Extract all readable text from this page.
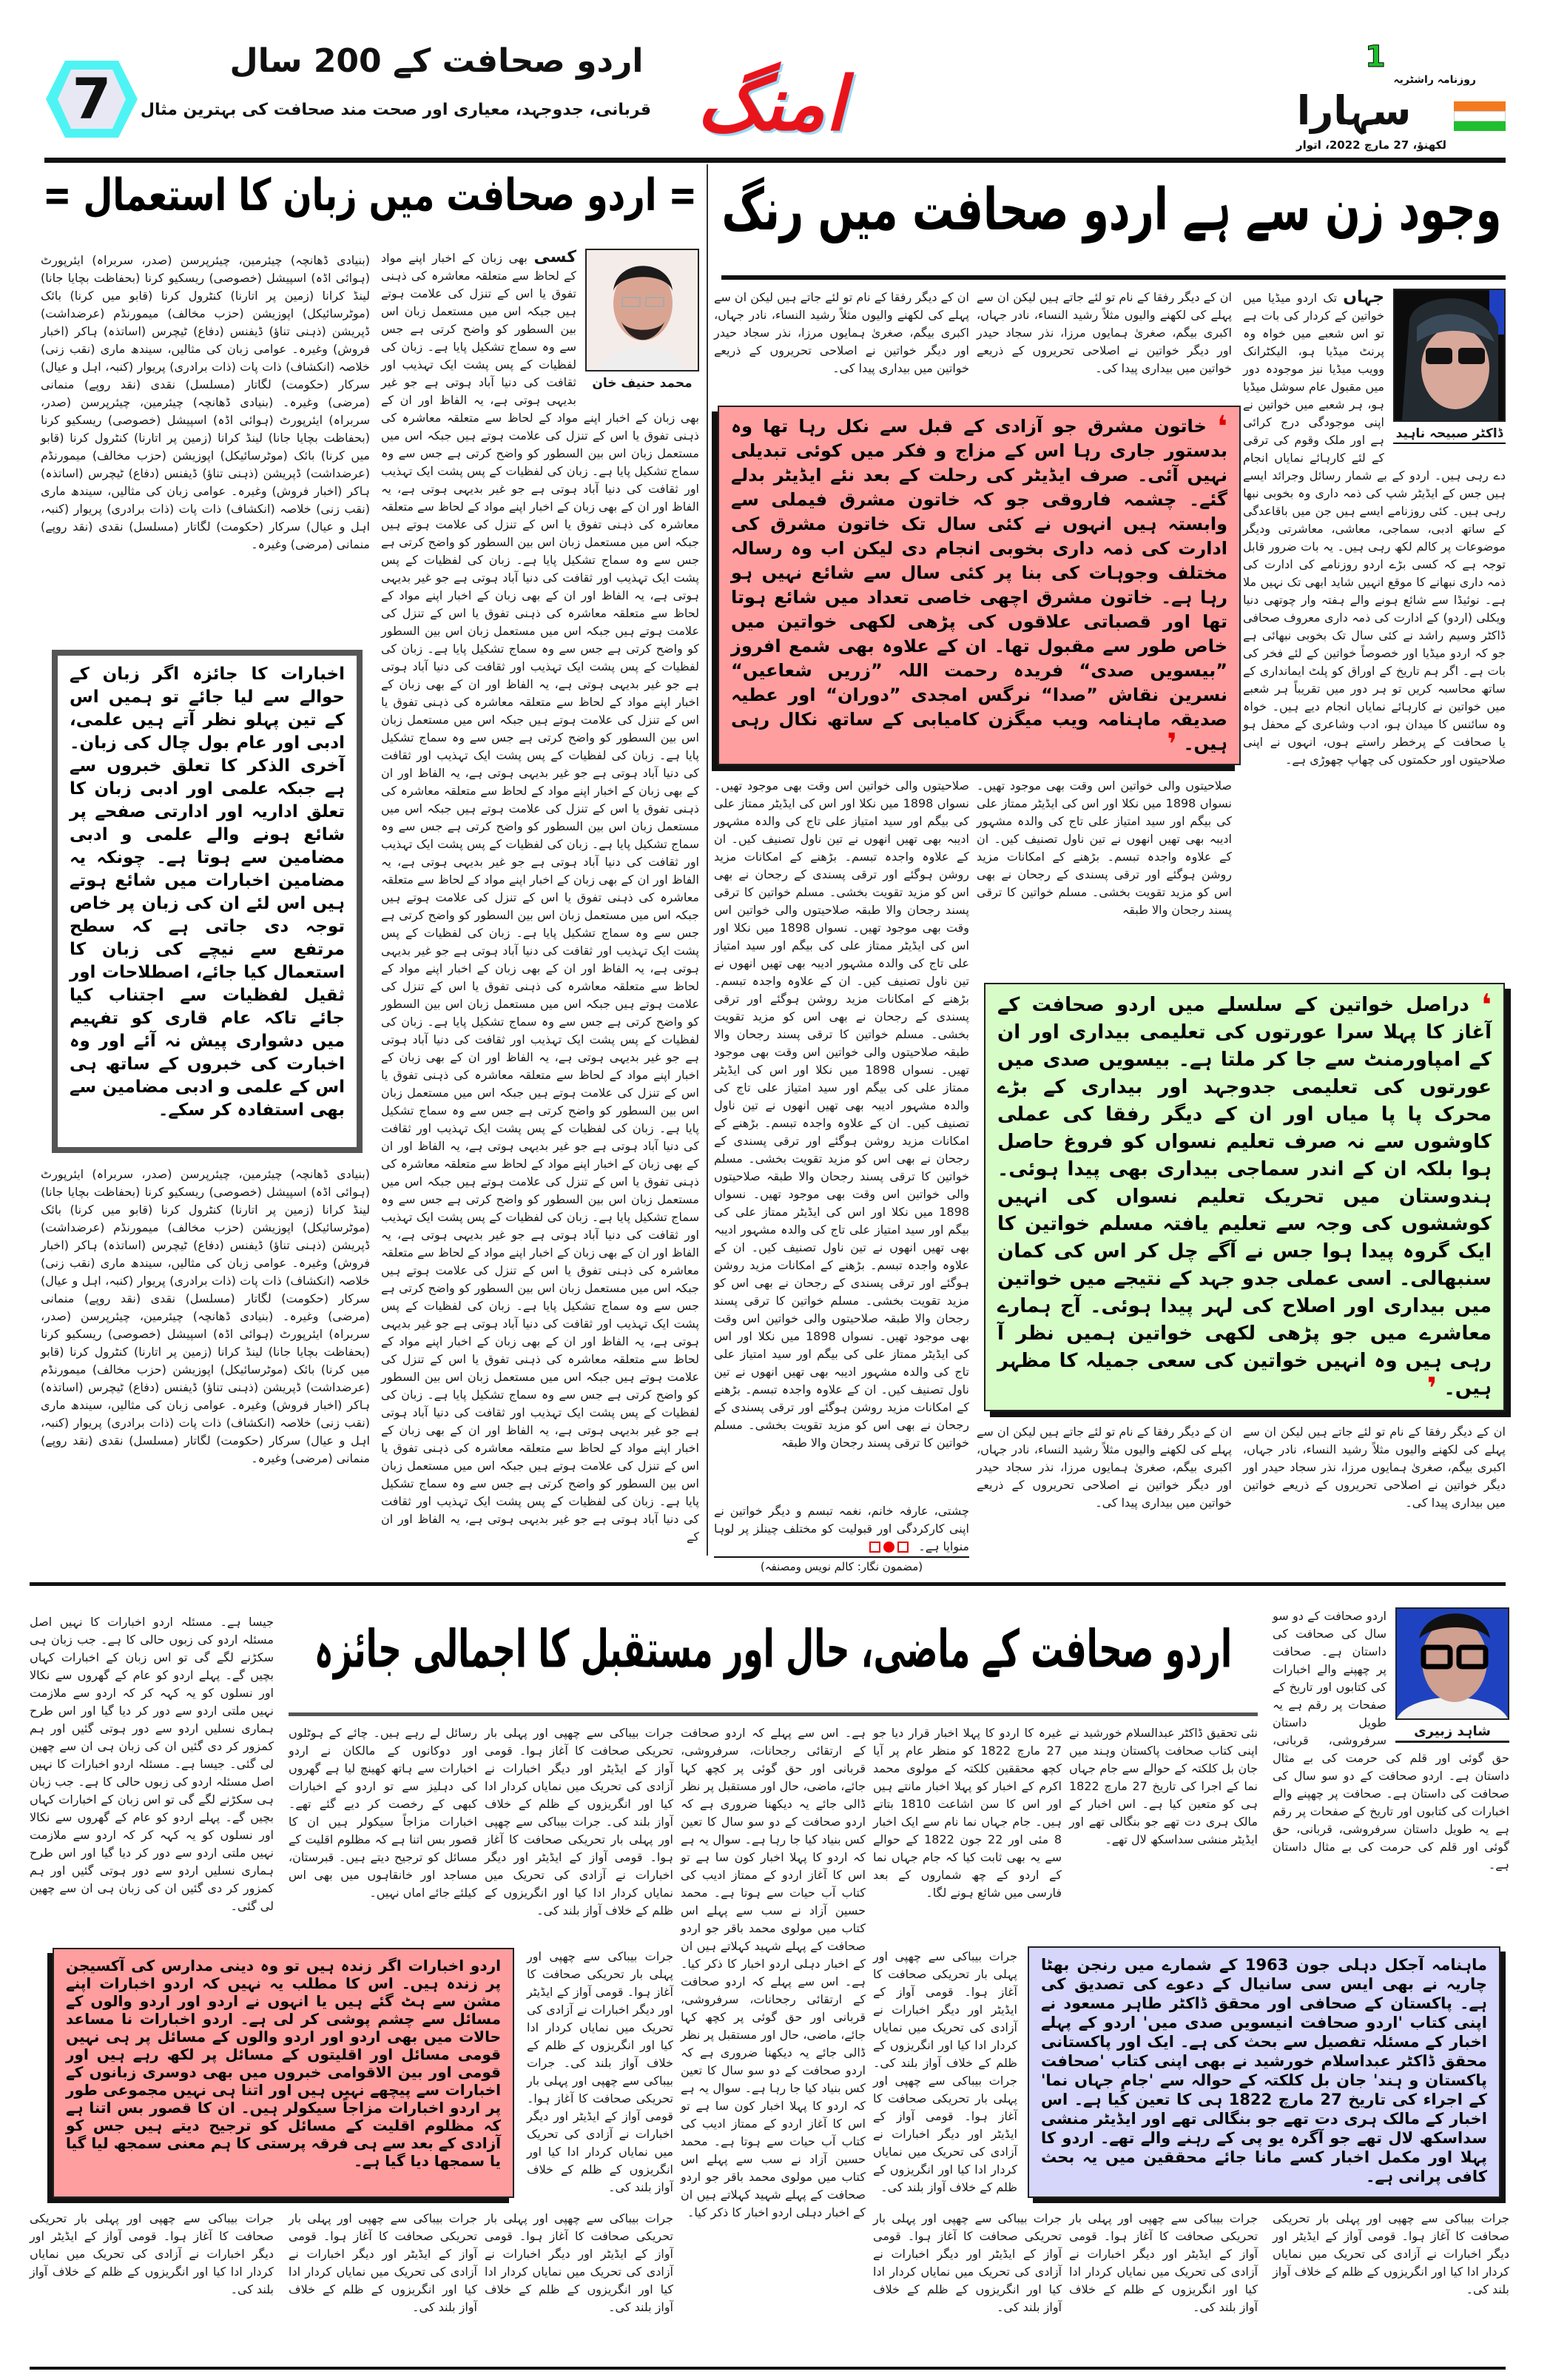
7
اردو صحافت کے 200 سال
قربانی، جدوجہد، معیاری اور صحت مند صحافت کی بہترین مثال امنگ
1
روزنامہ راشٹریہ
سہارا
لکھنؤ، 27 مارچ 2022، اتوار
= اردو صحافت میں زبان کا استعمال =
(بنیادی ڈھانچہ) چیئرمین، چیئرپرسن (صدر، سربراہ) ایئرپورٹ (ہوائی اڈہ) اسپیشل (خصوصی) ریسکیو کرنا (بحفاظت بچایا جانا) لینڈ کرانا (زمین پر اتارنا) کنٹرول کرنا (قابو میں کرنا) بائک (موٹرسائیکل) اپوزیشن (حزب مخالف) میمورنڈم (عرضداشت) ڈپریشن (ذہنی تناؤ) ڈیفنس (دفاع) ٹیچرس (اساتذہ) ہاکر (اخبار فروش) وغیرہ۔ عوامی زبان کی مثالیں، سیندھ ماری (نقب زنی) خلاصہ (انکشاف) ذات پات (ذات برادری) پریوار (کنبہ، اہل و عیال) سرکار (حکومت) لگاتار (مسلسل) نقدی (نقد روپے) منمانی (مرضی) وغیرہ۔ (بنیادی ڈھانچہ) چیئرمین، چیئرپرسن (صدر، سربراہ) ایئرپورٹ (ہوائی اڈہ) اسپیشل (خصوصی) ریسکیو کرنا (بحفاظت بچایا جانا) لینڈ کرانا (زمین پر اتارنا) کنٹرول کرنا (قابو میں کرنا) بائک (موٹرسائیکل) اپوزیشن (حزب مخالف) میمورنڈم (عرضداشت) ڈپریشن (ذہنی تناؤ) ڈیفنس (دفاع) ٹیچرس (اساتذہ) ہاکر (اخبار فروش) وغیرہ۔ عوامی زبان کی مثالیں، سیندھ ماری (نقب زنی) خلاصہ (انکشاف) ذات پات (ذات برادری) پریوار (کنبہ، اہل و عیال) سرکار (حکومت) لگاتار (مسلسل) نقدی (نقد روپے) منمانی (مرضی) وغیرہ۔
اخبارات کا جائزہ اگر زبان کے حوالے سے لیا جائے تو ہمیں اس کے تین پہلو نظر آتے ہیں علمی، ادبی اور عام بول چال کی زبان۔ آخری الذکر کا تعلق خبروں سے ہے جبکہ علمی اور ادبی زبان کا تعلق اداریہ اور ادارتی صفحے پر شائع ہونے والے علمی و ادبی مضامین سے ہوتا ہے۔ چونکہ یہ مضامین اخبارات میں شائع ہوتے ہیں اس لئے ان کی زبان پر خاص توجہ دی جاتی ہے کہ سطح مرتفع سے نیچے کی زبان کا استعمال کیا جائے، اصطلاحات اور ثقیل لفظیات سے اجتناب کیا جائے تاکہ عام قاری کو تفہیم میں دشواری پیش نہ آئے اور وہ اخبارت کی خبروں کے ساتھ ہی اس کے علمی و ادبی مضامین سے بھی استفادہ کر سکے۔
(بنیادی ڈھانچہ) چیئرمین، چیئرپرسن (صدر، سربراہ) ایئرپورٹ (ہوائی اڈہ) اسپیشل (خصوصی) ریسکیو کرنا (بحفاظت بچایا جانا) لینڈ کرانا (زمین پر اتارنا) کنٹرول کرنا (قابو میں کرنا) بائک (موٹرسائیکل) اپوزیشن (حزب مخالف) میمورنڈم (عرضداشت) ڈپریشن (ذہنی تناؤ) ڈیفنس (دفاع) ٹیچرس (اساتذہ) ہاکر (اخبار فروش) وغیرہ۔ عوامی زبان کی مثالیں، سیندھ ماری (نقب زنی) خلاصہ (انکشاف) ذات پات (ذات برادری) پریوار (کنبہ، اہل و عیال) سرکار (حکومت) لگاتار (مسلسل) نقدی (نقد روپے) منمانی (مرضی) وغیرہ۔ (بنیادی ڈھانچہ) چیئرمین، چیئرپرسن (صدر، سربراہ) ایئرپورٹ (ہوائی اڈہ) اسپیشل (خصوصی) ریسکیو کرنا (بحفاظت بچایا جانا) لینڈ کرانا (زمین پر اتارنا) کنٹرول کرنا (قابو میں کرنا) بائک (موٹرسائیکل) اپوزیشن (حزب مخالف) میمورنڈم (عرضداشت) ڈپریشن (ذہنی تناؤ) ڈیفنس (دفاع) ٹیچرس (اساتذہ) ہاکر (اخبار فروش) وغیرہ۔ عوامی زبان کی مثالیں، سیندھ ماری (نقب زنی) خلاصہ (انکشاف) ذات پات (ذات برادری) پریوار (کنبہ، اہل و عیال) سرکار (حکومت) لگاتار (مسلسل) نقدی (نقد روپے) منمانی (مرضی) وغیرہ۔
محمد حنیف خان
کسی بھی زبان کے اخبار اپنے مواد کے لحاظ سے متعلقہ معاشرہ کی ذہنی تفوق یا اس کے تنزل کی علامت ہوتے ہیں جبکہ اس میں مستعمل زبان اس بین السطور کو واضح کرتی ہے جس سے وہ سماج تشکیل پایا ہے۔ زبان کی لفظیات کے پس پشت ایک تہذیب اور ثقافت کی دنیا آباد ہوتی ہے جو غیر بدیہی ہوتی ہے، یہ الفاظ اور ان کے بھی زبان کے اخبار اپنے مواد کے لحاظ سے متعلقہ معاشرہ کی ذہنی تفوق یا اس کے تنزل کی علامت ہوتے ہیں جبکہ اس میں مستعمل زبان اس بین السطور کو واضح کرتی ہے جس سے وہ سماج تشکیل پایا ہے۔ زبان کی لفظیات کے پس پشت ایک تہذیب اور ثقافت کی دنیا آباد ہوتی ہے جو غیر بدیہی ہوتی ہے، یہ الفاظ اور ان کے بھی زبان کے اخبار اپنے مواد کے لحاظ سے متعلقہ معاشرہ کی ذہنی تفوق یا اس کے تنزل کی علامت ہوتے ہیں جبکہ اس میں مستعمل زبان اس بین السطور کو واضح کرتی ہے جس سے وہ سماج تشکیل پایا ہے۔ زبان کی لفظیات کے پس پشت ایک تہذیب اور ثقافت کی دنیا آباد ہوتی ہے جو غیر بدیہی ہوتی ہے، یہ الفاظ اور ان کے بھی زبان کے اخبار اپنے مواد کے لحاظ سے متعلقہ معاشرہ کی ذہنی تفوق یا اس کے تنزل کی علامت ہوتے ہیں جبکہ اس میں مستعمل زبان اس بین السطور کو واضح کرتی ہے جس سے وہ سماج تشکیل پایا ہے۔ زبان کی لفظیات کے پس پشت ایک تہذیب اور ثقافت کی دنیا آباد ہوتی ہے جو غیر بدیہی ہوتی ہے، یہ الفاظ اور ان کے بھی زبان کے اخبار اپنے مواد کے لحاظ سے متعلقہ معاشرہ کی ذہنی تفوق یا اس کے تنزل کی علامت ہوتے ہیں جبکہ اس میں مستعمل زبان اس بین السطور کو واضح کرتی ہے جس سے وہ سماج تشکیل پایا ہے۔ زبان کی لفظیات کے پس پشت ایک تہذیب اور ثقافت کی دنیا آباد ہوتی ہے جو غیر بدیہی ہوتی ہے، یہ الفاظ اور ان کے بھی زبان کے اخبار اپنے مواد کے لحاظ سے متعلقہ معاشرہ کی ذہنی تفوق یا اس کے تنزل کی علامت ہوتے ہیں جبکہ اس میں مستعمل زبان اس بین السطور کو واضح کرتی ہے جس سے وہ سماج تشکیل پایا ہے۔ زبان کی لفظیات کے پس پشت ایک تہذیب اور ثقافت کی دنیا آباد ہوتی ہے جو غیر بدیہی ہوتی ہے، یہ الفاظ اور ان کے بھی زبان کے اخبار اپنے مواد کے لحاظ سے متعلقہ معاشرہ کی ذہنی تفوق یا اس کے تنزل کی علامت ہوتے ہیں جبکہ اس میں مستعمل زبان اس بین السطور کو واضح کرتی ہے جس سے وہ سماج تشکیل پایا ہے۔ زبان کی لفظیات کے پس پشت ایک تہذیب اور ثقافت کی دنیا آباد ہوتی ہے جو غیر بدیہی ہوتی ہے، یہ الفاظ اور ان کے بھی زبان کے اخبار اپنے مواد کے لحاظ سے متعلقہ معاشرہ کی ذہنی تفوق یا اس کے تنزل کی علامت ہوتے ہیں جبکہ اس میں مستعمل زبان اس بین السطور کو واضح کرتی ہے جس سے وہ سماج تشکیل پایا ہے۔ زبان کی لفظیات کے پس پشت ایک تہذیب اور ثقافت کی دنیا آباد ہوتی ہے جو غیر بدیہی ہوتی ہے، یہ الفاظ اور ان کے بھی زبان کے اخبار اپنے مواد کے لحاظ سے متعلقہ معاشرہ کی ذہنی تفوق یا اس کے تنزل کی علامت ہوتے ہیں جبکہ اس میں مستعمل زبان اس بین السطور کو واضح کرتی ہے جس سے وہ سماج تشکیل پایا ہے۔ زبان کی لفظیات کے پس پشت ایک تہذیب اور ثقافت کی دنیا آباد ہوتی ہے جو غیر بدیہی ہوتی ہے، یہ الفاظ اور ان کے بھی زبان کے اخبار اپنے مواد کے لحاظ سے متعلقہ معاشرہ کی ذہنی تفوق یا اس کے تنزل کی علامت ہوتے ہیں جبکہ اس میں مستعمل زبان اس بین السطور کو واضح کرتی ہے جس سے وہ سماج تشکیل پایا ہے۔ زبان کی لفظیات کے پس پشت ایک تہذیب اور ثقافت کی دنیا آباد ہوتی ہے جو غیر بدیہی ہوتی ہے، یہ الفاظ اور ان کے بھی زبان کے اخبار اپنے مواد کے لحاظ سے متعلقہ معاشرہ کی ذہنی تفوق یا اس کے تنزل کی علامت ہوتے ہیں جبکہ اس میں مستعمل زبان اس بین السطور کو واضح کرتی ہے جس سے وہ سماج تشکیل پایا ہے۔ زبان کی لفظیات کے پس پشت ایک تہذیب اور ثقافت کی دنیا آباد ہوتی ہے جو غیر بدیہی ہوتی ہے، یہ الفاظ اور ان کے بھی زبان کے اخبار اپنے مواد کے لحاظ سے متعلقہ معاشرہ کی ذہنی تفوق یا اس کے تنزل کی علامت ہوتے ہیں جبکہ اس میں مستعمل زبان اس بین السطور کو واضح کرتی ہے جس سے وہ سماج تشکیل پایا ہے۔ زبان کی لفظیات کے پس پشت ایک تہذیب اور ثقافت کی دنیا آباد ہوتی ہے جو غیر بدیہی ہوتی ہے، یہ الفاظ اور ان کے بھی زبان کے اخبار اپنے مواد کے لحاظ سے متعلقہ معاشرہ کی ذہنی تفوق یا اس کے تنزل کی علامت ہوتے ہیں جبکہ اس میں مستعمل زبان اس بین السطور کو واضح کرتی ہے جس سے وہ سماج تشکیل پایا ہے۔ زبان کی لفظیات کے پس پشت ایک تہذیب اور ثقافت کی دنیا آباد ہوتی ہے جو غیر بدیہی ہوتی ہے، یہ الفاظ اور ان کے
وجود زن سے ہے اردو صحافت میں رنگ
ڈاکٹر صبیحہ ناہید
جہاں تک اردو میڈیا میں خواتین کے کردار کی بات ہے تو اس شعبے میں خواہ وہ پرنٹ میڈیا ہو، الیکٹرانک وویب میڈیا نیز موجودہ دور میں مقبول عام سوشل میڈیا ہو، ہر شعبے میں خواتین نے اپنی موجودگی درج کرائی ہے اور ملک وقوم کی ترقی کے لئے کارہائے نمایاں انجام دے رہی ہیں۔ اردو کے بے شمار رسائل وجرائد ایسے ہیں جس کے ایڈیٹر شپ کی ذمہ داری وہ بخوبی نبھا رہی ہیں۔ کئی روزنامے ایسے ہیں جن میں باقاعدگی کے ساتھ ادبی، سماجی، معاشی، معاشرتی ودیگر موضوعات پر کالم لکھ رہی ہیں۔ یہ بات ضرور قابل توجہ ہے کہ کسی بڑے اردو روزنامے کی ادارت کی ذمہ داری نبھانے کا موقع انہیں شاید ابھی تک نہیں ملا ہے۔ نوئیڈا سے شائع ہونے والے ہفتہ وار چوتھی دنیا ویکلی (اردو) کے ادارت کی ذمہ داری معروف صحافی ڈاکٹر وسیم راشد نے کئی سال تک بخوبی نبھائی ہے جو کہ اردو میڈیا اور خصوصاً خواتین کے لئے فخر کی بات ہے۔ اگر ہم تاریخ کے اوراق کو پلٹ ایمانداری کے ساتھ محاسبہ کریں تو ہر دور میں تقریباً ہر شعبے میں خواتین نے کارہائے نمایاں انجام دیے ہیں۔ خواہ وہ سائنس کا میدان ہو، ادب وشاعری کے محفل ہو یا صحافت کے پرخطر راستے ہوں، انہوں نے اپنی صلاحیتوں اور حکمتوں کی چھاپ چھوڑی ہے۔
ان کے دیگر رفقا کے نام تو لئے جاتے ہیں لیکن ان سے پہلے کی لکھنے والیوں مثلاً رشید النساء، نادر جہاں، اکبری بیگم، صغریٰ ہمایوں مرزا، نذر سجاد حیدر اور دیگر خواتین نے اصلاحی تحریروں کے ذریعے خواتین میں بیداری پیدا کی۔
ان کے دیگر رفقا کے نام تو لئے جاتے ہیں لیکن ان سے پہلے کی لکھنے والیوں مثلاً رشید النساء، نادر جہاں، اکبری بیگم، صغریٰ ہمایوں مرزا، نذر سجاد حیدر اور دیگر خواتین نے اصلاحی تحریروں کے ذریعے خواتین میں بیداری پیدا کی۔
❛ خاتون مشرق جو آزادی کے قبل سے نکل رہا تھا وہ بدستور جاری رہا اس کے مزاج و فکر میں کوئی تبدیلی نہیں آئی۔ صرف ایڈیٹر کی رحلت کے بعد نئے ایڈیٹر بدلے گئے۔ چشمہ فاروقی جو کہ خاتون مشرق فیملی سے وابستہ ہیں انہوں نے کئی سال تک خاتون مشرق کی ادارت کی ذمہ داری بخوبی انجام دی لیکن اب وہ رسالہ مختلف وجوہات کی بنا پر کئی سال سے شائع نہیں ہو رہا ہے۔ خاتون مشرق اچھی خاصی تعداد میں شائع ہوتا تھا اور قصباتی علاقوں کی پڑھی لکھی خواتین میں خاص طور سے مقبول تھا۔ ان کے علاوہ بھی شمع افروز ”بیسویں صدی“ فریدہ رحمت اللہ ”زریں شعاعیں“ نسرین نقاش ”صدا“ نرگس امجدی ”دوران“ اور عطیہ صدیقہ ماہنامہ ویب میگزن کامیابی کے ساتھ نکال رہی ہیں۔ ❜
صلاحیتوں والی خواتین اس وقت بھی موجود تھیں۔ نسواں 1898 میں نکلا اور اس کی ایڈیٹر ممتاز علی کی بیگم اور سید امتیاز علی تاج کی والدہ مشہور ادیبہ بھی تھیں انھوں نے تین ناول تصنیف کیں۔ ان کے علاوہ واجدہ تبسم۔ بڑھنے کے امکانات مزید روشن ہوگئے اور ترقی پسندی کے رجحان نے بھی اس کو مزید تقویت بخشی۔ مسلم خواتین کا ترقی پسند رجحان والا طبقہ صلاحیتوں والی خواتین اس وقت بھی موجود تھیں۔ نسواں 1898 میں نکلا اور اس کی ایڈیٹر ممتاز علی کی بیگم اور سید امتیاز علی تاج کی والدہ مشہور ادیبہ بھی تھیں انھوں نے تین ناول تصنیف کیں۔ ان کے علاوہ واجدہ تبسم۔ بڑھنے کے امکانات مزید روشن ہوگئے اور ترقی پسندی کے رجحان نے بھی اس کو مزید تقویت بخشی۔ مسلم خواتین کا ترقی پسند رجحان والا طبقہ صلاحیتوں والی خواتین اس وقت بھی موجود تھیں۔ نسواں 1898 میں نکلا اور اس کی ایڈیٹر ممتاز علی کی بیگم اور سید امتیاز علی تاج کی والدہ مشہور ادیبہ بھی تھیں انھوں نے تین ناول تصنیف کیں۔ ان کے علاوہ واجدہ تبسم۔ بڑھنے کے امکانات مزید روشن ہوگئے اور ترقی پسندی کے رجحان نے بھی اس کو مزید تقویت بخشی۔ مسلم خواتین کا ترقی پسند رجحان والا طبقہ صلاحیتوں والی خواتین اس وقت بھی موجود تھیں۔ نسواں 1898 میں نکلا اور اس کی ایڈیٹر ممتاز علی کی بیگم اور سید امتیاز علی تاج کی والدہ مشہور ادیبہ بھی تھیں انھوں نے تین ناول تصنیف کیں۔ ان کے علاوہ واجدہ تبسم۔ بڑھنے کے امکانات مزید روشن ہوگئے اور ترقی پسندی کے رجحان نے بھی اس کو مزید تقویت بخشی۔ مسلم خواتین کا ترقی پسند رجحان والا طبقہ صلاحیتوں والی خواتین اس وقت بھی موجود تھیں۔ نسواں 1898 میں نکلا اور اس کی ایڈیٹر ممتاز علی کی بیگم اور سید امتیاز علی تاج کی والدہ مشہور ادیبہ بھی تھیں انھوں نے تین ناول تصنیف کیں۔ ان کے علاوہ واجدہ تبسم۔ بڑھنے کے امکانات مزید روشن ہوگئے اور ترقی پسندی کے رجحان نے بھی اس کو مزید تقویت بخشی۔ مسلم خواتین کا ترقی پسند رجحان والا طبقہ
صلاحیتوں والی خواتین اس وقت بھی موجود تھیں۔ نسواں 1898 میں نکلا اور اس کی ایڈیٹر ممتاز علی کی بیگم اور سید امتیاز علی تاج کی والدہ مشہور ادیبہ بھی تھیں انھوں نے تین ناول تصنیف کیں۔ ان کے علاوہ واجدہ تبسم۔ بڑھنے کے امکانات مزید روشن ہوگئے اور ترقی پسندی کے رجحان نے بھی اس کو مزید تقویت بخشی۔ مسلم خواتین کا ترقی پسند رجحان والا طبقہ
❛ دراصل خواتین کے سلسلے میں اردو صحافت کے آغاز کا پہلا سرا عورتوں کی تعلیمی بیداری اور ان کے امپاورمنٹ سے جا کر ملتا ہے۔ بیسویں صدی میں عورتوں کی تعلیمی جدوجہد اور بیداری کے بڑے محرک پا پا میاں اور ان کے دیگر رفقا کی عملی کاوشوں سے نہ صرف تعلیم نسواں کو فروغ حاصل ہوا بلکہ ان کے اندر سماجی بیداری بھی پیدا ہوئی۔ ہندوستان میں تحریک تعلیم نسواں کی انہیں کوششوں کی وجہ سے تعلیم یافتہ مسلم خواتین کا ایک گروہ پیدا ہوا جس نے آگے چل کر اس کی کمان سنبھالی۔ اسی عملی جدو جہد کے نتیجے میں خواتین میں بیداری اور اصلاح کی لہر پیدا ہوئی۔ آج ہمارے معاشرے میں جو پڑھی لکھی خواتین ہمیں نظر آ رہی ہیں وہ انہیں خواتین کی سعی جمیلہ کا مظہر ہیں۔ ❜
ان کے دیگر رفقا کے نام تو لئے جاتے ہیں لیکن ان سے پہلے کی لکھنے والیوں مثلاً رشید النساء، نادر جہاں، اکبری بیگم، صغریٰ ہمایوں مرزا، نذر سجاد حیدر اور دیگر خواتین نے اصلاحی تحریروں کے ذریعے خواتین میں بیداری پیدا کی۔
ان کے دیگر رفقا کے نام تو لئے جاتے ہیں لیکن ان سے پہلے کی لکھنے والیوں مثلاً رشید النساء، نادر جہاں، اکبری بیگم، صغریٰ ہمایوں مرزا، نذر سجاد حیدر اور دیگر خواتین نے اصلاحی تحریروں کے ذریعے خواتین میں بیداری پیدا کی۔
چشتی، عارفہ خانم، نغمہ تبسم و دیگر خواتین نے اپنی کارکردگی اور قبولیت کو مختلف چینلز پر لوہا منوایا ہے۔
(مضمون نگار: کالم نویس ومصنفہ)
اردو صحافت کے ماضی، حال اور مستقبل کا اجمالی جائزہ
جیسا ہے۔ مسئلہ اردو اخبارات کا نہیں اصل مسئلہ اردو کی زبوں حالی کا ہے۔ جب زبان ہی سکڑنے لگے گی تو اس زبان کے اخبارات کہاں بچیں گے۔ پہلے اردو کو عام کے گھروں سے نکالا اور نسلوں کو یہ کہہ کر کہ اردو سے ملازمت نہیں ملتی اردو سے دور کر دیا گیا اور اس طرح ہماری نسلیں اردو سے دور ہوتی گئیں اور ہم کمزور کر دی گئیں ان کی زبان ہی ان سے چھین لی گئی۔ جیسا ہے۔ مسئلہ اردو اخبارات کا نہیں اصل مسئلہ اردو کی زبوں حالی کا ہے۔ جب زبان ہی سکڑنے لگے گی تو اس زبان کے اخبارات کہاں بچیں گے۔ پہلے اردو کو عام کے گھروں سے نکالا اور نسلوں کو یہ کہہ کر کہ اردو سے ملازمت نہیں ملتی اردو سے دور کر دیا گیا اور اس طرح ہماری نسلیں اردو سے دور ہوتی گئیں اور ہم کمزور کر دی گئیں ان کی زبان ہی ان سے چھین لی گئی۔
رسائل لے رہے ہیں۔ چائے کے ہوٹلوں اور دوکانوں کے مالکان نے اردو اخبارات سے ہاتھ کھینچ لیا ہے گھروں کی دہلیز سے تو اردو کے اخبارات کبھی کے رخصت کر دیے گئے تھے۔ اخبارات مزاجاً سیکولر ہیں ان کا قصور بس اتنا ہے کہ مظلوم اقلیت کے مسائل کو ترجیح دیتے ہیں۔ قبرستان، مساجد اور خانقاہوں میں بھی اس کیلئے جائے اماں نہیں۔
جرات بیباکی سے چھپی اور پہلی بار تحریکی صحافت کا آغاز ہوا۔ قومی آواز کے ایڈیٹر اور دیگر اخبارات نے آزادی کی تحریک میں نمایاں کردار ادا کیا اور انگریزوں کے ظلم کے خلاف آواز بلند کی۔ جرات بیباکی سے چھپی اور پہلی بار تحریکی صحافت کا آغاز ہوا۔ قومی آواز کے ایڈیٹر اور دیگر اخبارات نے آزادی کی تحریک میں نمایاں کردار ادا کیا اور انگریزوں کے ظلم کے خلاف آواز بلند کی۔
جرات بیباکی سے چھپی اور پہلی بار تحریکی صحافت کا آغاز ہوا۔ قومی آواز کے ایڈیٹر اور دیگر اخبارات نے آزادی کی تحریک میں نمایاں کردار ادا کیا اور انگریزوں کے ظلم کے خلاف آواز بلند کی۔ جرات بیباکی سے چھپی اور پہلی بار تحریکی صحافت کا آغاز ہوا۔ قومی آواز کے ایڈیٹر اور دیگر اخبارات نے آزادی کی تحریک میں نمایاں کردار ادا کیا اور انگریزوں کے ظلم کے خلاف آواز بلند کی۔
ہے۔ اس سے پہلے کہ اردو صحافت کے ارتقائی رجحانات، سرفروشی، قربانی اور حق گوئی پر کچھ کہا جائے، ماضی، حال اور مستقبل پر نظر ڈالی جائے یہ دیکھنا ضروری ہے کہ اردو صحافت کے دو سو سال کا تعین کس بنیاد کیا جا رہا ہے۔ سوال یہ ہے کہ اردو کا پہلا اخبار کون سا ہے تو اس کا آغاز اردو کے ممتاز ادیب کی کتاب آب حیات سے ہوتا ہے۔ محمد حسین آزاد نے سب سے پہلے اس کتاب میں مولوی محمد باقر جو اردو صحافت کے پہلے شہید کہلاتے ہیں ان کے اخبار دہلی اردو اخبار کا ذکر کیا۔ ہے۔ اس سے پہلے کہ اردو صحافت کے ارتقائی رجحانات، سرفروشی، قربانی اور حق گوئی پر کچھ کہا جائے، ماضی، حال اور مستقبل پر نظر ڈالی جائے یہ دیکھنا ضروری ہے کہ اردو صحافت کے دو سو سال کا تعین کس بنیاد کیا جا رہا ہے۔ سوال یہ ہے کہ اردو کا پہلا اخبار کون سا ہے تو اس کا آغاز اردو کے ممتاز ادیب کی کتاب آب حیات سے ہوتا ہے۔ محمد حسین آزاد نے سب سے پہلے اس کتاب میں مولوی محمد باقر جو اردو صحافت کے پہلے شہید کہلاتے ہیں ان کے اخبار دہلی اردو اخبار کا ذکر کیا۔
غیرہ کا اردو کا پہلا اخبار قرار دیا جو 27 مارچ 1822 کو منظر عام پر آیا کچھ محققین کلکتہ کے مولوی محمد اکرم کے اخبار کو پہلا اخبار مانتے ہیں اور اس کا سن اشاعت 1810 بتاتے ہیں۔ جام جہاں نما نام سے ایک اخبار 8 مئی اور 22 جون 1822 کے حوالے سے یہ بھی ثابت کیا کہ جام جہاں نما کے اردو کے چھ شماروں کے بعد فارسی میں شائع ہونے لگا۔
جرات بیباکی سے چھپی اور پہلی بار تحریکی صحافت کا آغاز ہوا۔ قومی آواز کے ایڈیٹر اور دیگر اخبارات نے آزادی کی تحریک میں نمایاں کردار ادا کیا اور انگریزوں کے ظلم کے خلاف آواز بلند کی۔ جرات بیباکی سے چھپی اور پہلی بار تحریکی صحافت کا آغاز ہوا۔ قومی آواز کے ایڈیٹر اور دیگر اخبارات نے آزادی کی تحریک میں نمایاں کردار ادا کیا اور انگریزوں کے ظلم کے خلاف آواز بلند کی۔
نئی تحقیق ڈاکٹر عبدالسلام خورشید نے اپنی کتاب صحافت پاکستان وہند میں جان بل کلکتہ کے حوالے سے جام جہاں نما کے اجرا کی تاریخ 27 مارچ 1822 ہی کو متعین کیا ہے۔ اس اخبار کے مالک ہری دت تھے جو بنگالی تھے اور ایڈیٹر منشی سداسکھ لال تھے۔
شاہد زبیری
اردو صحافت کے دو سو سال کی صحافت کی داستان ہے۔ صحافت پر چھپنے والے اخبارات کی کتابوں اور تاریخ کے صفحات پر رقم ہے یہ طویل داستان سرفروشی، قربانی، حق گوئی اور قلم کی حرمت کی بے مثال داستان ہے۔ اردو صحافت کے دو سو سال کی صحافت کی داستان ہے۔ صحافت پر چھپنے والے اخبارات کی کتابوں اور تاریخ کے صفحات پر رقم ہے یہ طویل داستان سرفروشی، قربانی، حق گوئی اور قلم کی حرمت کی بے مثال داستان ہے۔
اردو اخبارات اگر زندہ ہیں تو وہ دینی مدارس کی آکسیجن پر زندہ ہیں۔ اس کا مطلب یہ نہیں کہ اردو اخبارات اپنے مشن سے ہٹ گئے ہیں یا انہوں نے اردو اور اردو والوں کے مسائل سے چشم پوشی کر لی ہے۔ اردو اخبارات نا مساعد حالات میں بھی اردو اور اردو والوں کے مسائل پر ہی نہیں قومی مسائل اور اقلیتوں کے مسائل پر لکھ رہے ہیں اور قومی اور بین الاقوامی خبروں میں بھی دوسری زبانوں کے اخبارات سے پیچھے نہیں ہیں اور اتنا ہی نہیں مجموعی طور پر اردو اخبارات مزاجاً سیکولر ہیں۔ ان کا قصور بس اتنا ہے کہ مظلوم اقلیت کے مسائل کو ترجیح دیتے ہیں جس کو آزادی کے بعد سے ہی فرقہ پرستی کا ہم معنی سمجھ لیا گیا یا سمجھا دیا گیا ہے۔
ماہنامہ آجکل دہلی جون 1963 کے شمارے میں رنجن بھٹا چاریہ نے بھی ایس سی سانیال کے دعوے کی تصدیق کی ہے۔ پاکستان کے صحافی اور محقق ڈاکٹر طاہر مسعود نے اپنی کتاب 'اردو صحافت انیسویں صدی میں' اردو کے پہلے اخبار کے مسئلہ تفصیل سے بحث کی ہے۔ ایک اور پاکستانی محقق ڈاکٹر عبداسلام خورشید نے بھی اپنی کتاب 'صحافت پاکستان و ہند' جان بل کلکتہ کے حوالہ سے 'جامِ جہاں نما' کے اجراء کی تاریخ 27 مارچ 1822 ہی کا تعین کیا ہے۔ اس اخبار کے مالک ہری دت تھے جو بنگالی تھے اور ایڈیٹر منشی سداسکھ لال تھے جو آگرہ یو پی کے رہنے والے تھے۔ اردو کا پہلا اور مکمل اخبار کسے مانا جائے محققین میں یہ بحث کافی پرانی ہے۔
جرات بیباکی سے چھپی اور پہلی بار تحریکی صحافت کا آغاز ہوا۔ قومی آواز کے ایڈیٹر اور دیگر اخبارات نے آزادی کی تحریک میں نمایاں کردار ادا کیا اور انگریزوں کے ظلم کے خلاف آواز بلند کی۔
جرات بیباکی سے چھپی اور پہلی بار تحریکی صحافت کا آغاز ہوا۔ قومی آواز کے ایڈیٹر اور دیگر اخبارات نے آزادی کی تحریک میں نمایاں کردار ادا کیا اور انگریزوں کے ظلم کے خلاف آواز بلند کی۔
جرات بیباکی سے چھپی اور پہلی بار تحریکی صحافت کا آغاز ہوا۔ قومی آواز کے ایڈیٹر اور دیگر اخبارات نے آزادی کی تحریک میں نمایاں کردار ادا کیا اور انگریزوں کے ظلم کے خلاف آواز بلند کی۔
جرات بیباکی سے چھپی اور پہلی بار تحریکی صحافت کا آغاز ہوا۔ قومی آواز کے ایڈیٹر اور دیگر اخبارات نے آزادی کی تحریک میں نمایاں کردار ادا کیا اور انگریزوں کے ظلم کے خلاف آواز بلند کی۔
جرات بیباکی سے چھپی اور پہلی بار تحریکی صحافت کا آغاز ہوا۔ قومی آواز کے ایڈیٹر اور دیگر اخبارات نے آزادی کی تحریک میں نمایاں کردار ادا کیا اور انگریزوں کے ظلم کے خلاف آواز بلند کی۔
جرات بیباکی سے چھپی اور پہلی بار تحریکی صحافت کا آغاز ہوا۔ قومی آواز کے ایڈیٹر اور دیگر اخبارات نے آزادی کی تحریک میں نمایاں کردار ادا کیا اور انگریزوں کے ظلم کے خلاف آواز بلند کی۔
